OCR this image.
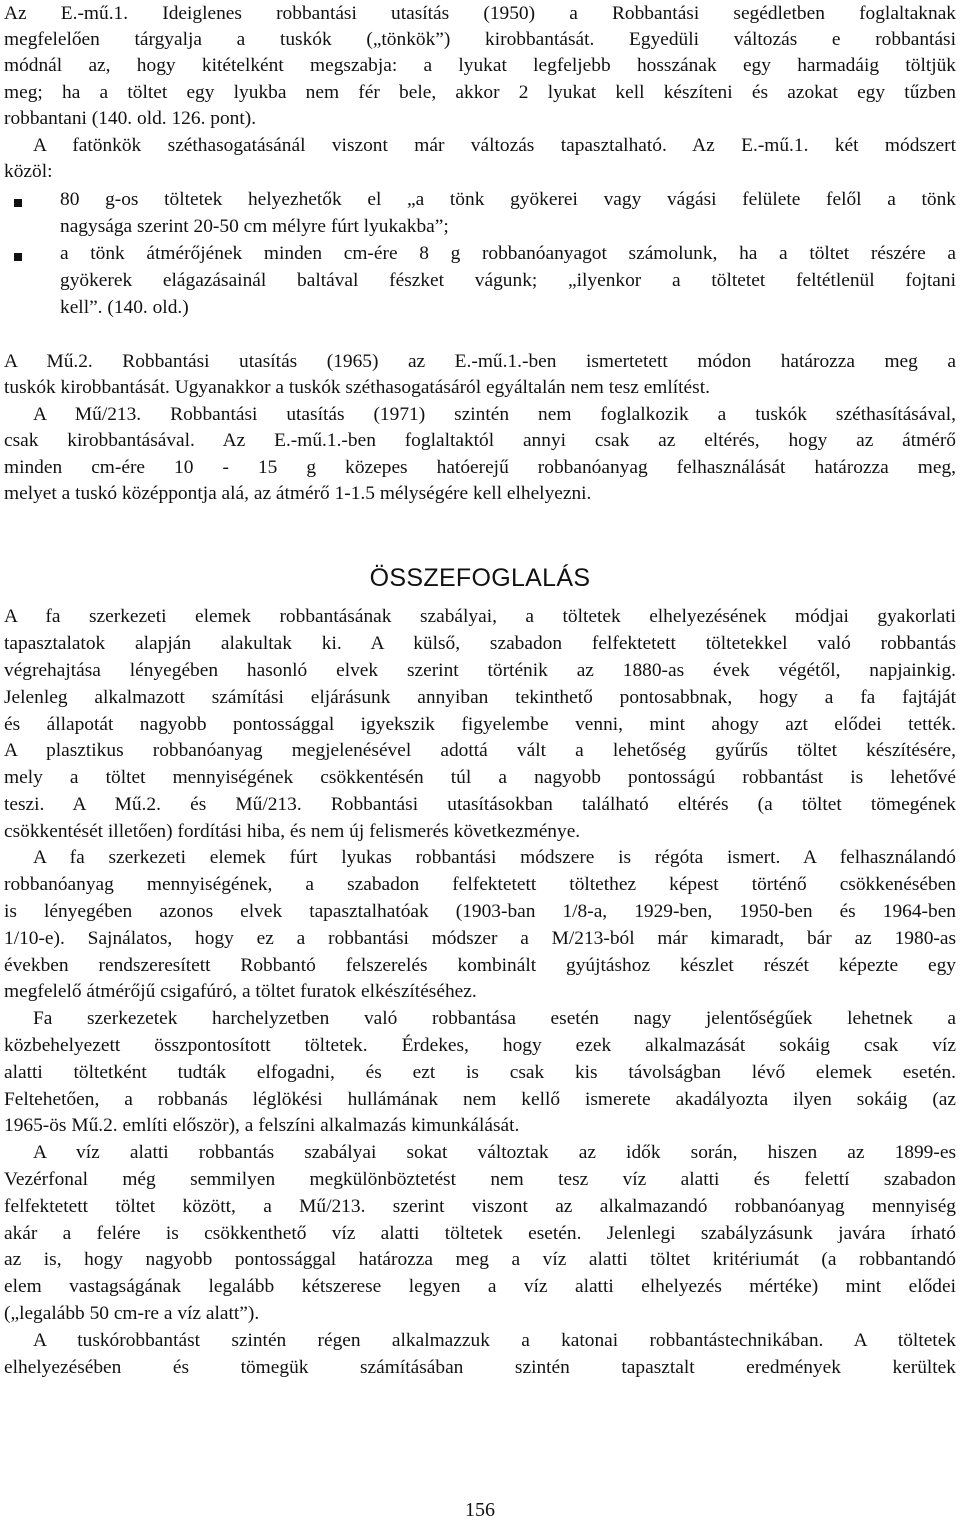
Az E.-mű.1. Ideiglenes robbantási utasítás (1950) a Robbantási segédletben foglaltaknak
megfelelően tárgyalja a tuskók („tönkök”) kirobbantását. Egyedüli változás e robbantási
módnál az, hogy kitételként megszabja: a lyukat legfeljebb hosszának egy harmadáig töltjük
meg; ha a töltet egy lyukba nem fér bele, akkor 2 lyukat kell készíteni és azokat egy tűzben
robbantani (140. old. 126. pont).
A fatönkök széthasogatásánál viszont már változás tapasztalható. Az E.-mű.1. két módszert
közöl:
80 g-os töltetek helyezhetők el „a tönk gyökerei vagy vágási felülete felől a tönk
nagysága szerint 20-50 cm mélyre fúrt lyukakba”;
a tönk átmérőjének minden cm-ére 8 g robbanóanyagot számolunk, ha a töltet részére a
gyökerek elágazásainál baltával fészket vágunk; „ilyenkor a töltetet feltétlenül fojtani
kell”. (140. old.)
A Mű.2. Robbantási utasítás (1965) az E.-mű.1.-ben ismertetett módon határozza meg a
tuskók kirobbantását. Ugyanakkor a tuskók széthasogatásáról egyáltalán nem tesz említést.
A Mű/213. Robbantási utasítás (1971) szintén nem foglalkozik a tuskók széthasításával,
csak kirobbantásával. Az E.-mű.1.-ben foglaltaktól annyi csak az eltérés, hogy az átmérő
minden cm-ére 10 - 15 g közepes hatóerejű robbanóanyag felhasználását határozza meg,
melyet a tuskó középpontja alá, az átmérő 1-1.5 mélységére kell elhelyezni.
ÖSSZEFOGLALÁS
A fa szerkezeti elemek robbantásának szabályai, a töltetek elhelyezésének módjai gyakorlati
tapasztalatok alapján alakultak ki. A külső, szabadon felfektetett töltetekkel való robbantás
végrehajtása lényegében hasonló elvek szerint történik az 1880-as évek végétől, napjainkig.
Jelenleg alkalmazott számítási eljárásunk annyiban tekinthető pontosabbnak, hogy a fa fajtáját
és állapotát nagyobb pontossággal igyekszik figyelembe venni, mint ahogy azt elődei tették.
A plasztikus robbanóanyag megjelenésével adottá vált a lehetőség gyűrűs töltet készítésére,
mely a töltet mennyiségének csökkentésén túl a nagyobb pontosságú robbantást is lehetővé
teszi. A Mű.2. és Mű/213. Robbantási utasításokban található eltérés (a töltet tömegének
csökkentését illetően) fordítási hiba, és nem új felismerés következménye.
A fa szerkezeti elemek fúrt lyukas robbantási módszere is régóta ismert. A felhasználandó
robbanóanyag mennyiségének, a szabadon felfektetett töltethez képest történő csökkenésében
is lényegében azonos elvek tapasztalhatóak (1903-ban 1/8-a, 1929-ben, 1950-ben és 1964-ben
1/10-e). Sajnálatos, hogy ez a robbantási módszer a M/213-ból már kimaradt, bár az 1980-as
években rendszeresített Robbantó felszerelés kombinált gyújtáshoz készlet részét képezte egy
megfelelő átmérőjű csigafúró, a töltet furatok elkészítéséhez.
Fa szerkezetek harchelyzetben való robbantása esetén nagy jelentőségűek lehetnek a
közbehelyezett összpontosított töltetek. Érdekes, hogy ezek alkalmazását sokáig csak víz
alatti töltetként tudták elfogadni, és ezt is csak kis távolságban lévő elemek esetén.
Feltehetően, a robbanás léglökési hullámának nem kellő ismerete akadályozta ilyen sokáig (az
1965-ös Mű.2. említi először), a felszíni alkalmazás kimunkálását.
A víz alatti robbantás szabályai sokat változtak az idők során, hiszen az 1899-es
Vezérfonal még semmilyen megkülönböztetést nem tesz víz alatti és felettí szabadon
felfektetett töltet között, a Mű/213. szerint viszont az alkalmazandó robbanóanyag mennyiség
akár a felére is csökkenthető víz alatti töltetek esetén. Jelenlegi szabályzásunk javára írható
az is, hogy nagyobb pontossággal határozza meg a víz alatti töltet kritériumát (a robbantandó
elem vastagságának legalább kétszerese legyen a víz alatti elhelyezés mértéke) mint elődei
(„legalább 50 cm-re a víz alatt”).
A tuskórobbantást szintén régen alkalmazzuk a katonai robbantástechnikában. A töltetek
elhelyezésében és tömegük számításában szintén tapasztalt eredmények kerültek
156
